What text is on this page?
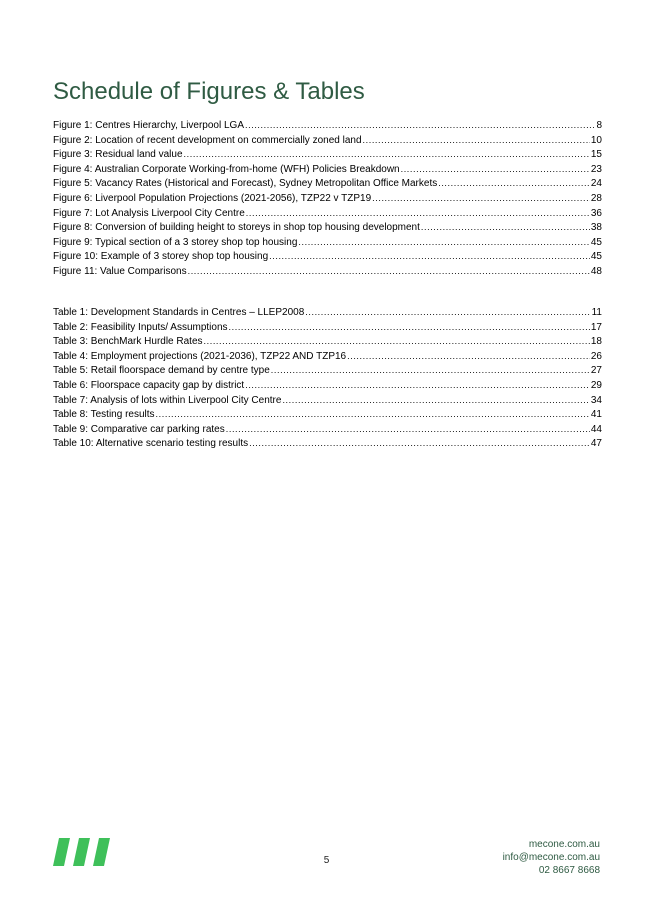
Schedule of Figures & Tables
Figure 1: Centres Hierarchy, Liverpool LGA .....	8
Figure 2: Location of recent development on commercially zoned land .....	10
Figure 3: Residual land value .....	15
Figure 4: Australian Corporate Working-from-home (WFH) Policies Breakdown .....	23
Figure 5: Vacancy Rates (Historical and Forecast), Sydney Metropolitan Office Markets .....	24
Figure 6: Liverpool Population Projections (2021-2056), TZP22 v TZP19 .....	28
Figure 7: Lot Analysis Liverpool City Centre .....	36
Figure 8: Conversion of building height to storeys in shop top housing development .....	38
Figure 9: Typical section of a 3 storey shop top housing .....	45
Figure 10: Example of 3 storey shop top housing .....	45
Figure 11: Value Comparisons .....	48
Table 1: Development Standards in Centres – LLEP2008 .....	11
Table 2: Feasibility Inputs/ Assumptions .....	17
Table 3: BenchMark Hurdle Rates .....	18
Table 4: Employment projections (2021-2036), TZP22 AND TZP16 .....	26
Table 5: Retail floorspace demand by centre type .....	27
Table 6: Floorspace capacity gap by district .....	29
Table 7: Analysis of lots within Liverpool City Centre .....	34
Table 8: Testing results .....	41
Table 9: Comparative car parking rates .....	44
Table 10: Alternative scenario testing results .....	47
5
mecone.com.au
info@mecone.com.au
02 8667 8668
